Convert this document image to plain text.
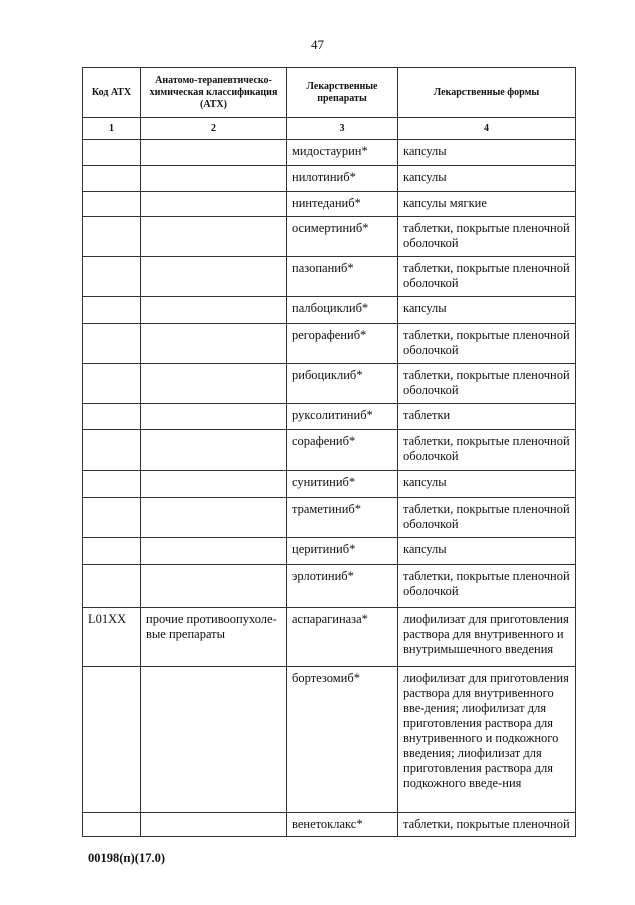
47
Код АТХ	Анатомо-терапевтическо-химическая классификация (АТХ)	Лекарственные препараты	Лекарственные формы
1	2	3	4
		мидостаурин*	капсулы
		нилотиниб*	капсулы
		нинтеданиб*	капсулы мягкие
		осимертиниб*	таблетки, покрытые пленочной оболочкой
		пазопаниб*	таблетки, покрытые пленочной оболочкой
		палбоциклиб*	капсулы
		регорафениб*	таблетки, покрытые пленочной оболочкой
		рибоциклиб*	таблетки, покрытые пленочной оболочкой
		руксолитиниб*	таблетки
		сорафениб*	таблетки, покрытые пленочной оболочкой
		сунитиниб*	капсулы
		траметиниб*	таблетки, покрытые пленочной оболочкой
		церитиниб*	капсулы
		эрлотиниб*	таблетки, покрытые пленочной оболочкой
L01XX	прочие противоопухоле-вые препараты	аспарагиназа*	лиофилизат для приготовления раствора для внутривенного и внутримышечного введения
		бортезомиб*	лиофилизат для приготовления раствора для внутривенного вве-дения; лиофилизат для приготовления раствора для внутривенного и подкожного введения; лиофилизат для приготовления раствора для подкожного введе-ния
		венетоклакс*	таблетки, покрытые пленочной
00198(п)(17.0)
